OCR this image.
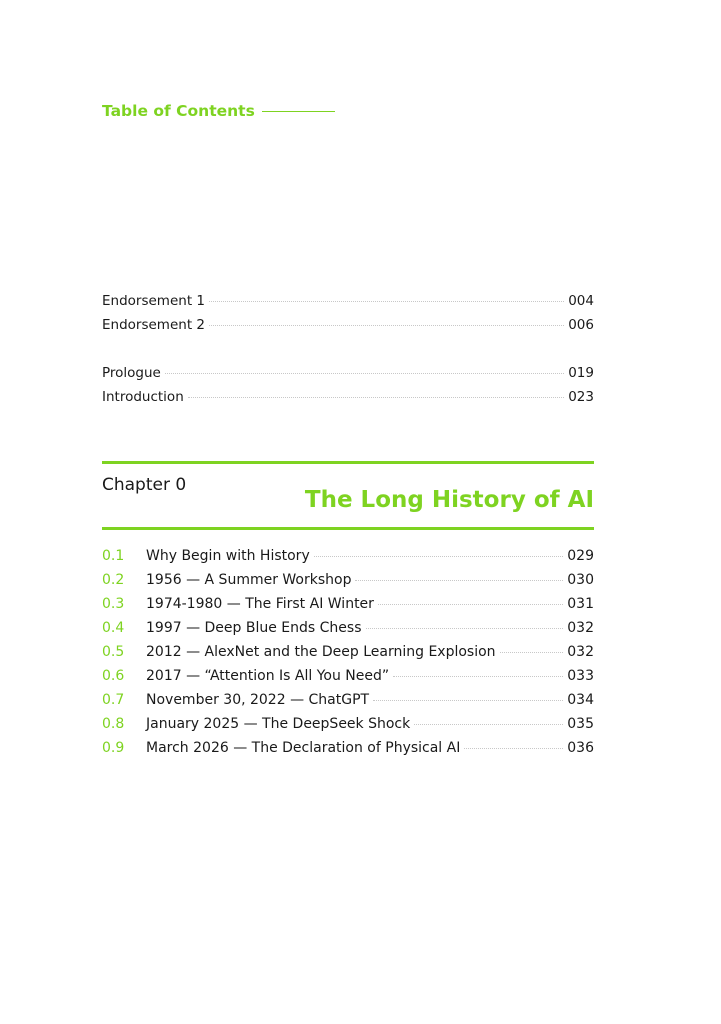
Table of Contents
Endorsement 1	004
Endorsement 2	006
Prologue	019
Introduction	023
Chapter 0
The Long History of AI
0.1	Why Begin with History	029
0.2	1956 — A Summer Workshop	030
0.3	1974-1980 — The First AI Winter	031
0.4	1997 — Deep Blue Ends Chess	032
0.5	2012 — AlexNet and the Deep Learning Explosion	032
0.6	2017 — “Attention Is All You Need”	033
0.7	November 30, 2022 — ChatGPT	034
0.8	January 2025 — The DeepSeek Shock	035
0.9	March 2026 — The Declaration of Physical AI	036
